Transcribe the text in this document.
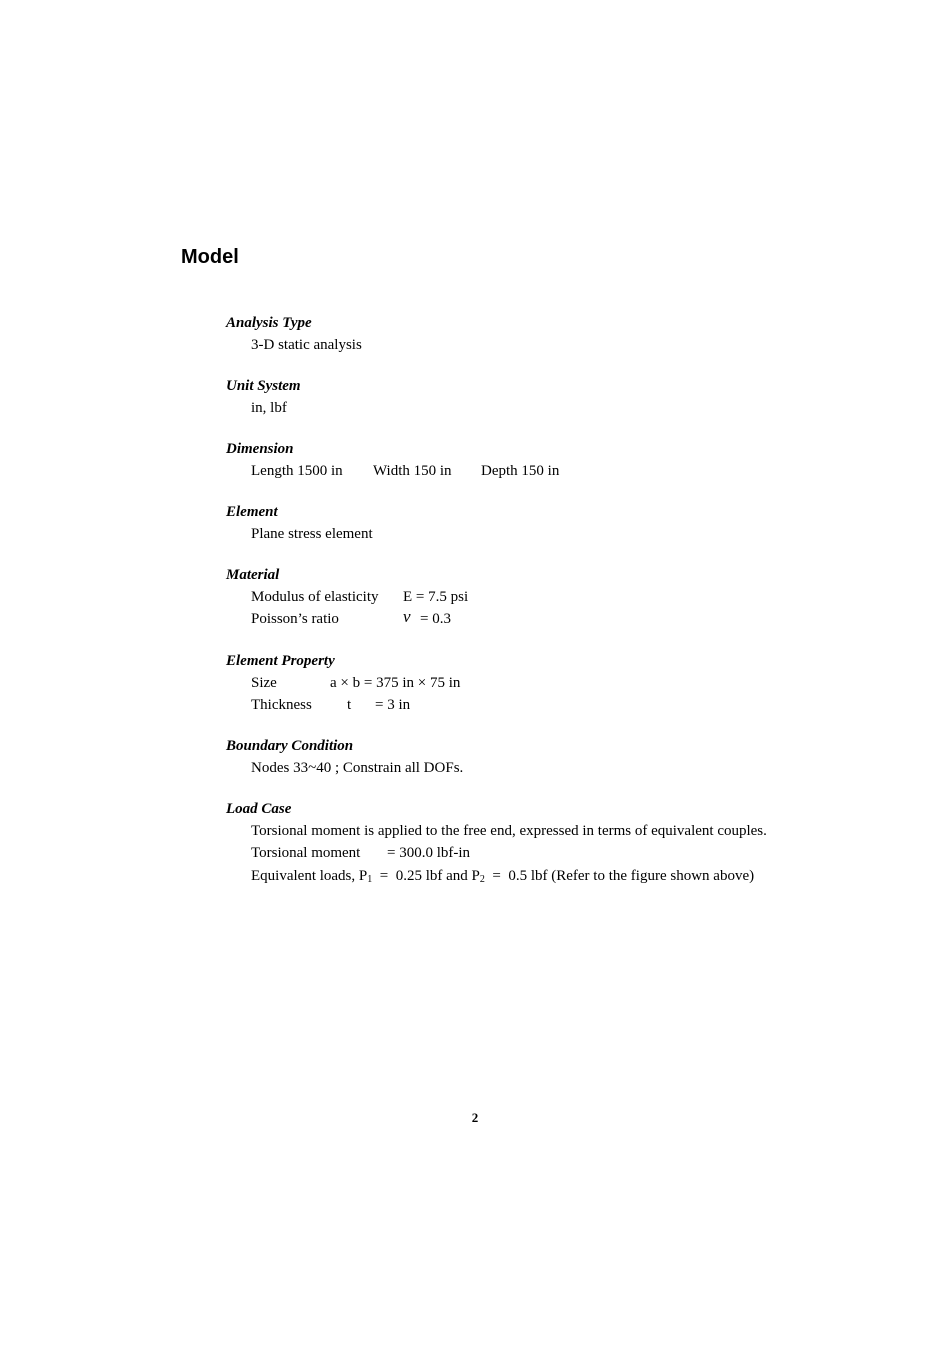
Model
Analysis Type
3-D static analysis
Unit System
in, lbf
Dimension
Length 1500 in Width 150 in Depth 150 in
Element
Plane stress element
Material
Modulus of elasticity E = 7.5 psi
Poisson’s ratio	ν = 0.3
Element Property
Size	a × b = 375 in × 75 in
Thickness t = 3 in
Boundary Condition
Nodes 33~40 ; Constrain all DOFs.
Load Case
Torsional moment is applied to the free end, expressed in terms of equivalent couples.
Torsional moment = 300.0 lbf-in
Equivalent loads, $P_1 = 0.25$ lbf and $P_2 = 0.5$ lbf (Refer to the figure shown above)
2
